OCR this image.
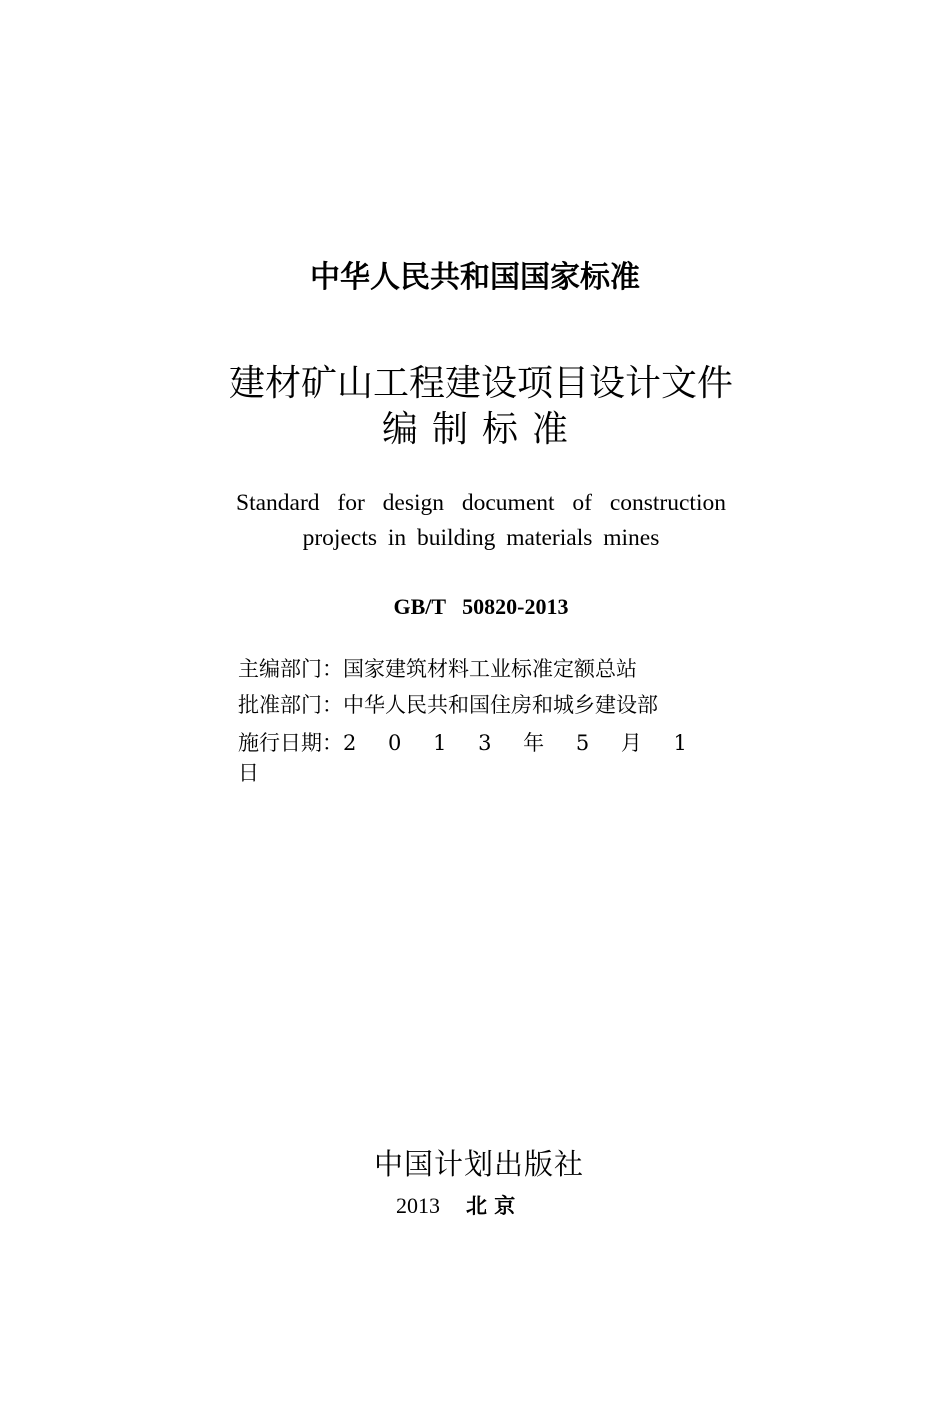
中华人民共和国国家标准
建材矿山工程建设项目设计文件
编制标准
Standard for design document of construction projects in building materials mines
GB/T   50820-2013
主编部门：国家建筑材料工业标准定额总站
批准部门：中华人民共和国住房和城乡建设部
施行日期：2 0 1 3 年 5 月 1 日
中国计划出版社
2013 北 京
